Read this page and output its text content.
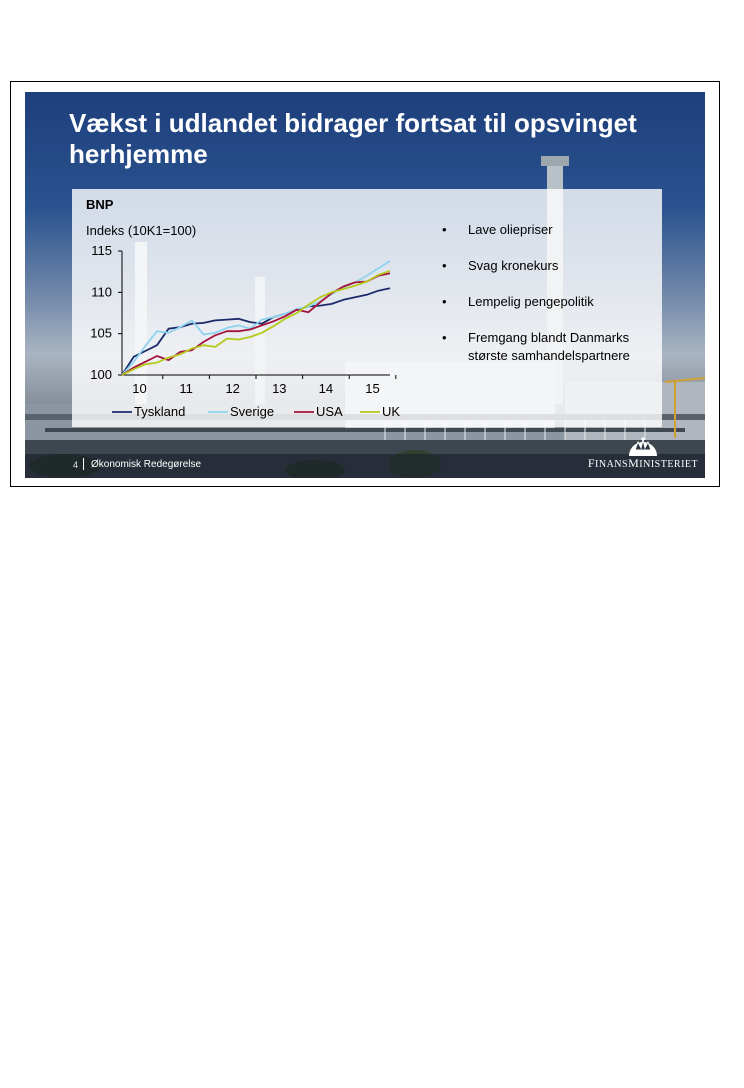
Vækst i udlandet bidrager fortsat til opsvinget herhjemme
BNP
Indeks (10K1=100)
100
105
110
115
10	11	12 13 14 15
Tyskland	Sverige	USA	UK
• Lave oliepriser
• Svag kronekurs
• Lempelig pengepolitik
• Fremgang blandt Danmarks største samhandelspartnere
4 Økonomisk Redegørelse	FINANSMINISTERIET
